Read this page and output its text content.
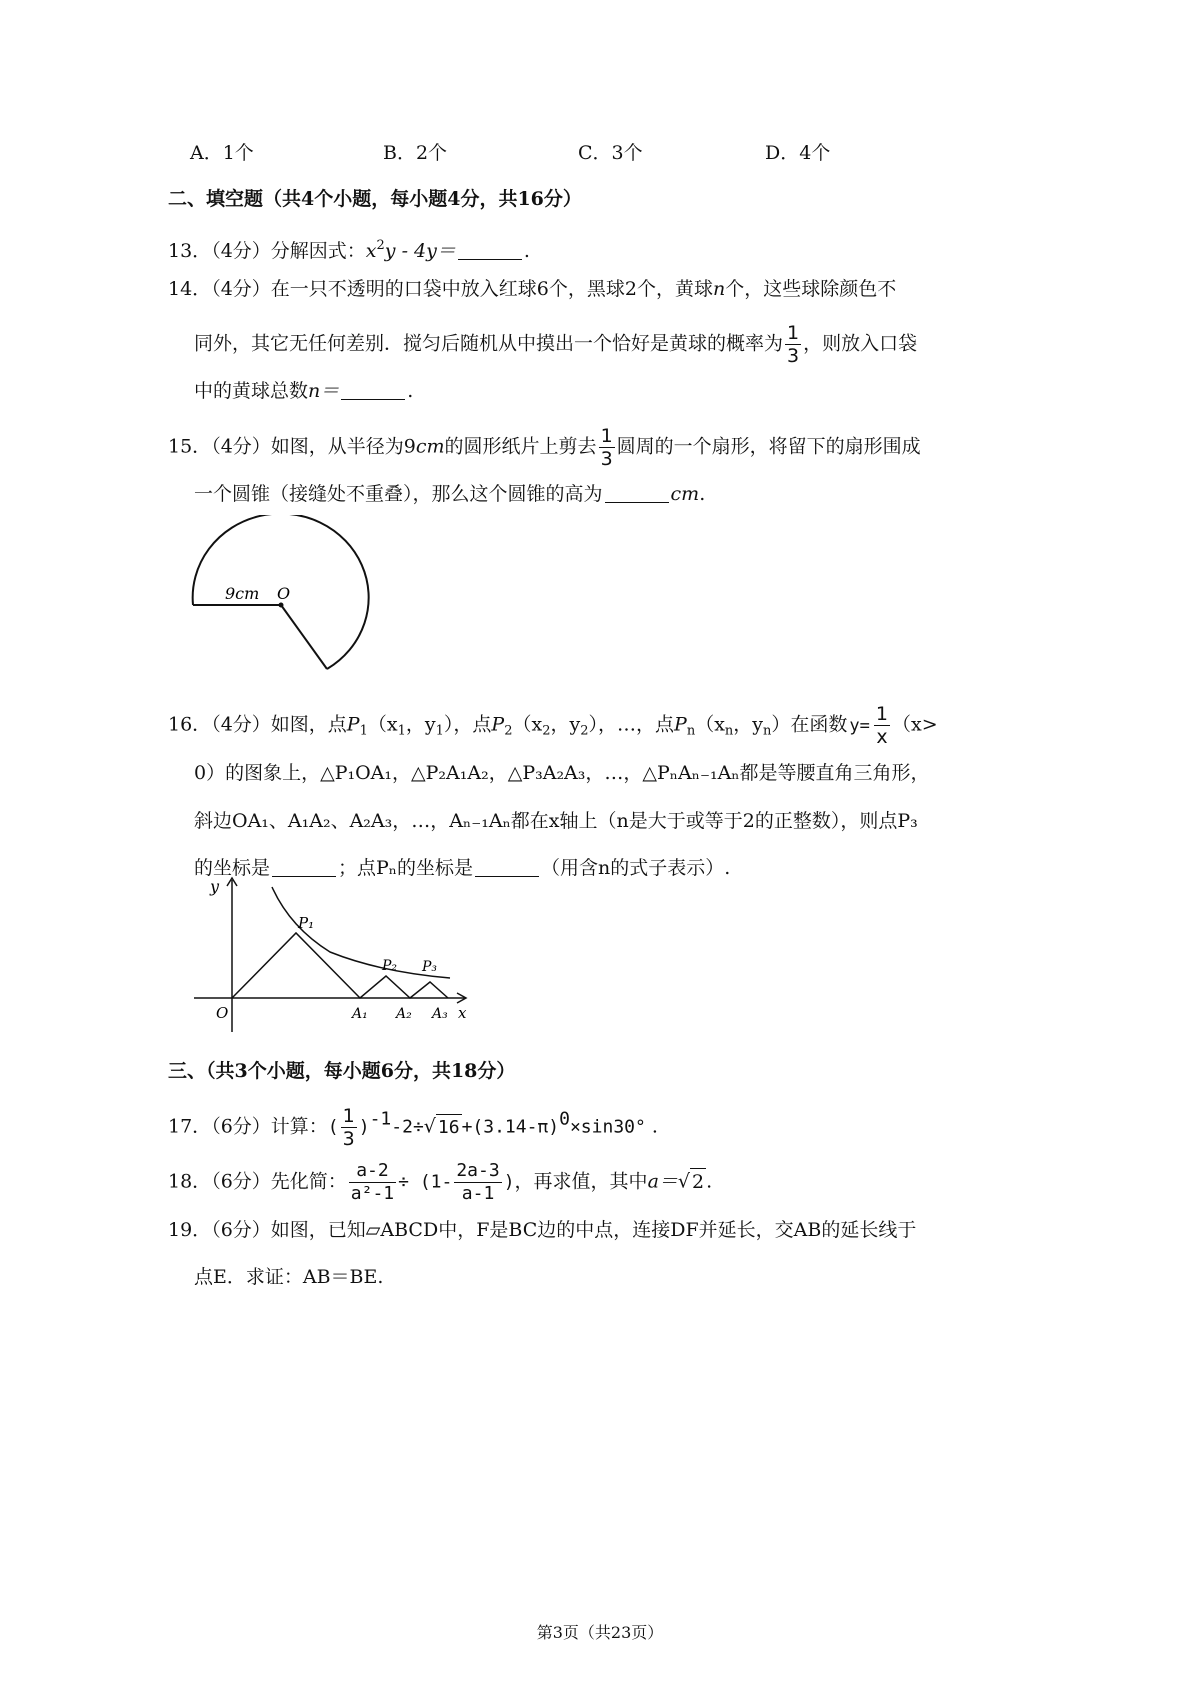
A．1个	B．2个	C．3个	D．4个
二、填空题（共4个小题，每小题4分，共16分）
13．（4分）分解因式：$x^2y - 4y=$	.
14．（4分）在一只不透明的口袋中放入红球6个，黑球2个，黄球n个，这些球除颜色不
同外，其它无任何差别．搅匀后随机从中摸出一个恰好是黄球的概率为 $\frac{1}{3}$ ，则放入口袋
中的黄球总数n＝	.
15．（4分）如图，从半径为9cm的圆形纸片上剪去 $\frac{1}{3}$ 圆周的一个扇形，将留下的扇形围成
一个圆锥（接缝处不重叠），那么这个圆锥的高为	cm.
9cm O
16．（4分）如图，点$P_1(x_1$，$y_1$），点$P_2(x_2$，$y_2$），…，点$P_n(x_n$，$y_n$）在函数 $y= \frac{1}{x} (x>$
0）的图象上，△P₁OA₁，△P₂A₁A₂，△P₃A₂A₃，…，△PₙAₙ₋₁Aₙ都是等腰直角三角形，
斜边OA₁、A₁A₂、A₂A₃，…，Aₙ₋₁Aₙ都在x轴上（n是大于或等于2的正整数），则点P₃
的坐标是	；点Pₙ的坐标是	（用含n的式子表示）.
y
x
O
P₁
P₂ P₃
A₁ A₂ A₃
三、（共3个小题，每小题6分，共18分）
17．（6分）计算：( $\frac{1}{3} )^{-1}-2\div√$ $16 +(3.14-\pi)^0\times\sin 30^\circ$ .
18．（6分）先化简： $\frac{a-2}{\text{a²-1}} \div (1- \frac{2a-3}{a-1}$ )，再求值，其中a＝√ 2 .
19．（6分）如图，已知▱ABCD中，F是BC边的中点，连接DF并延长，交AB的延长线于
点E．求证：AB＝BE.
第3页（共23页）
